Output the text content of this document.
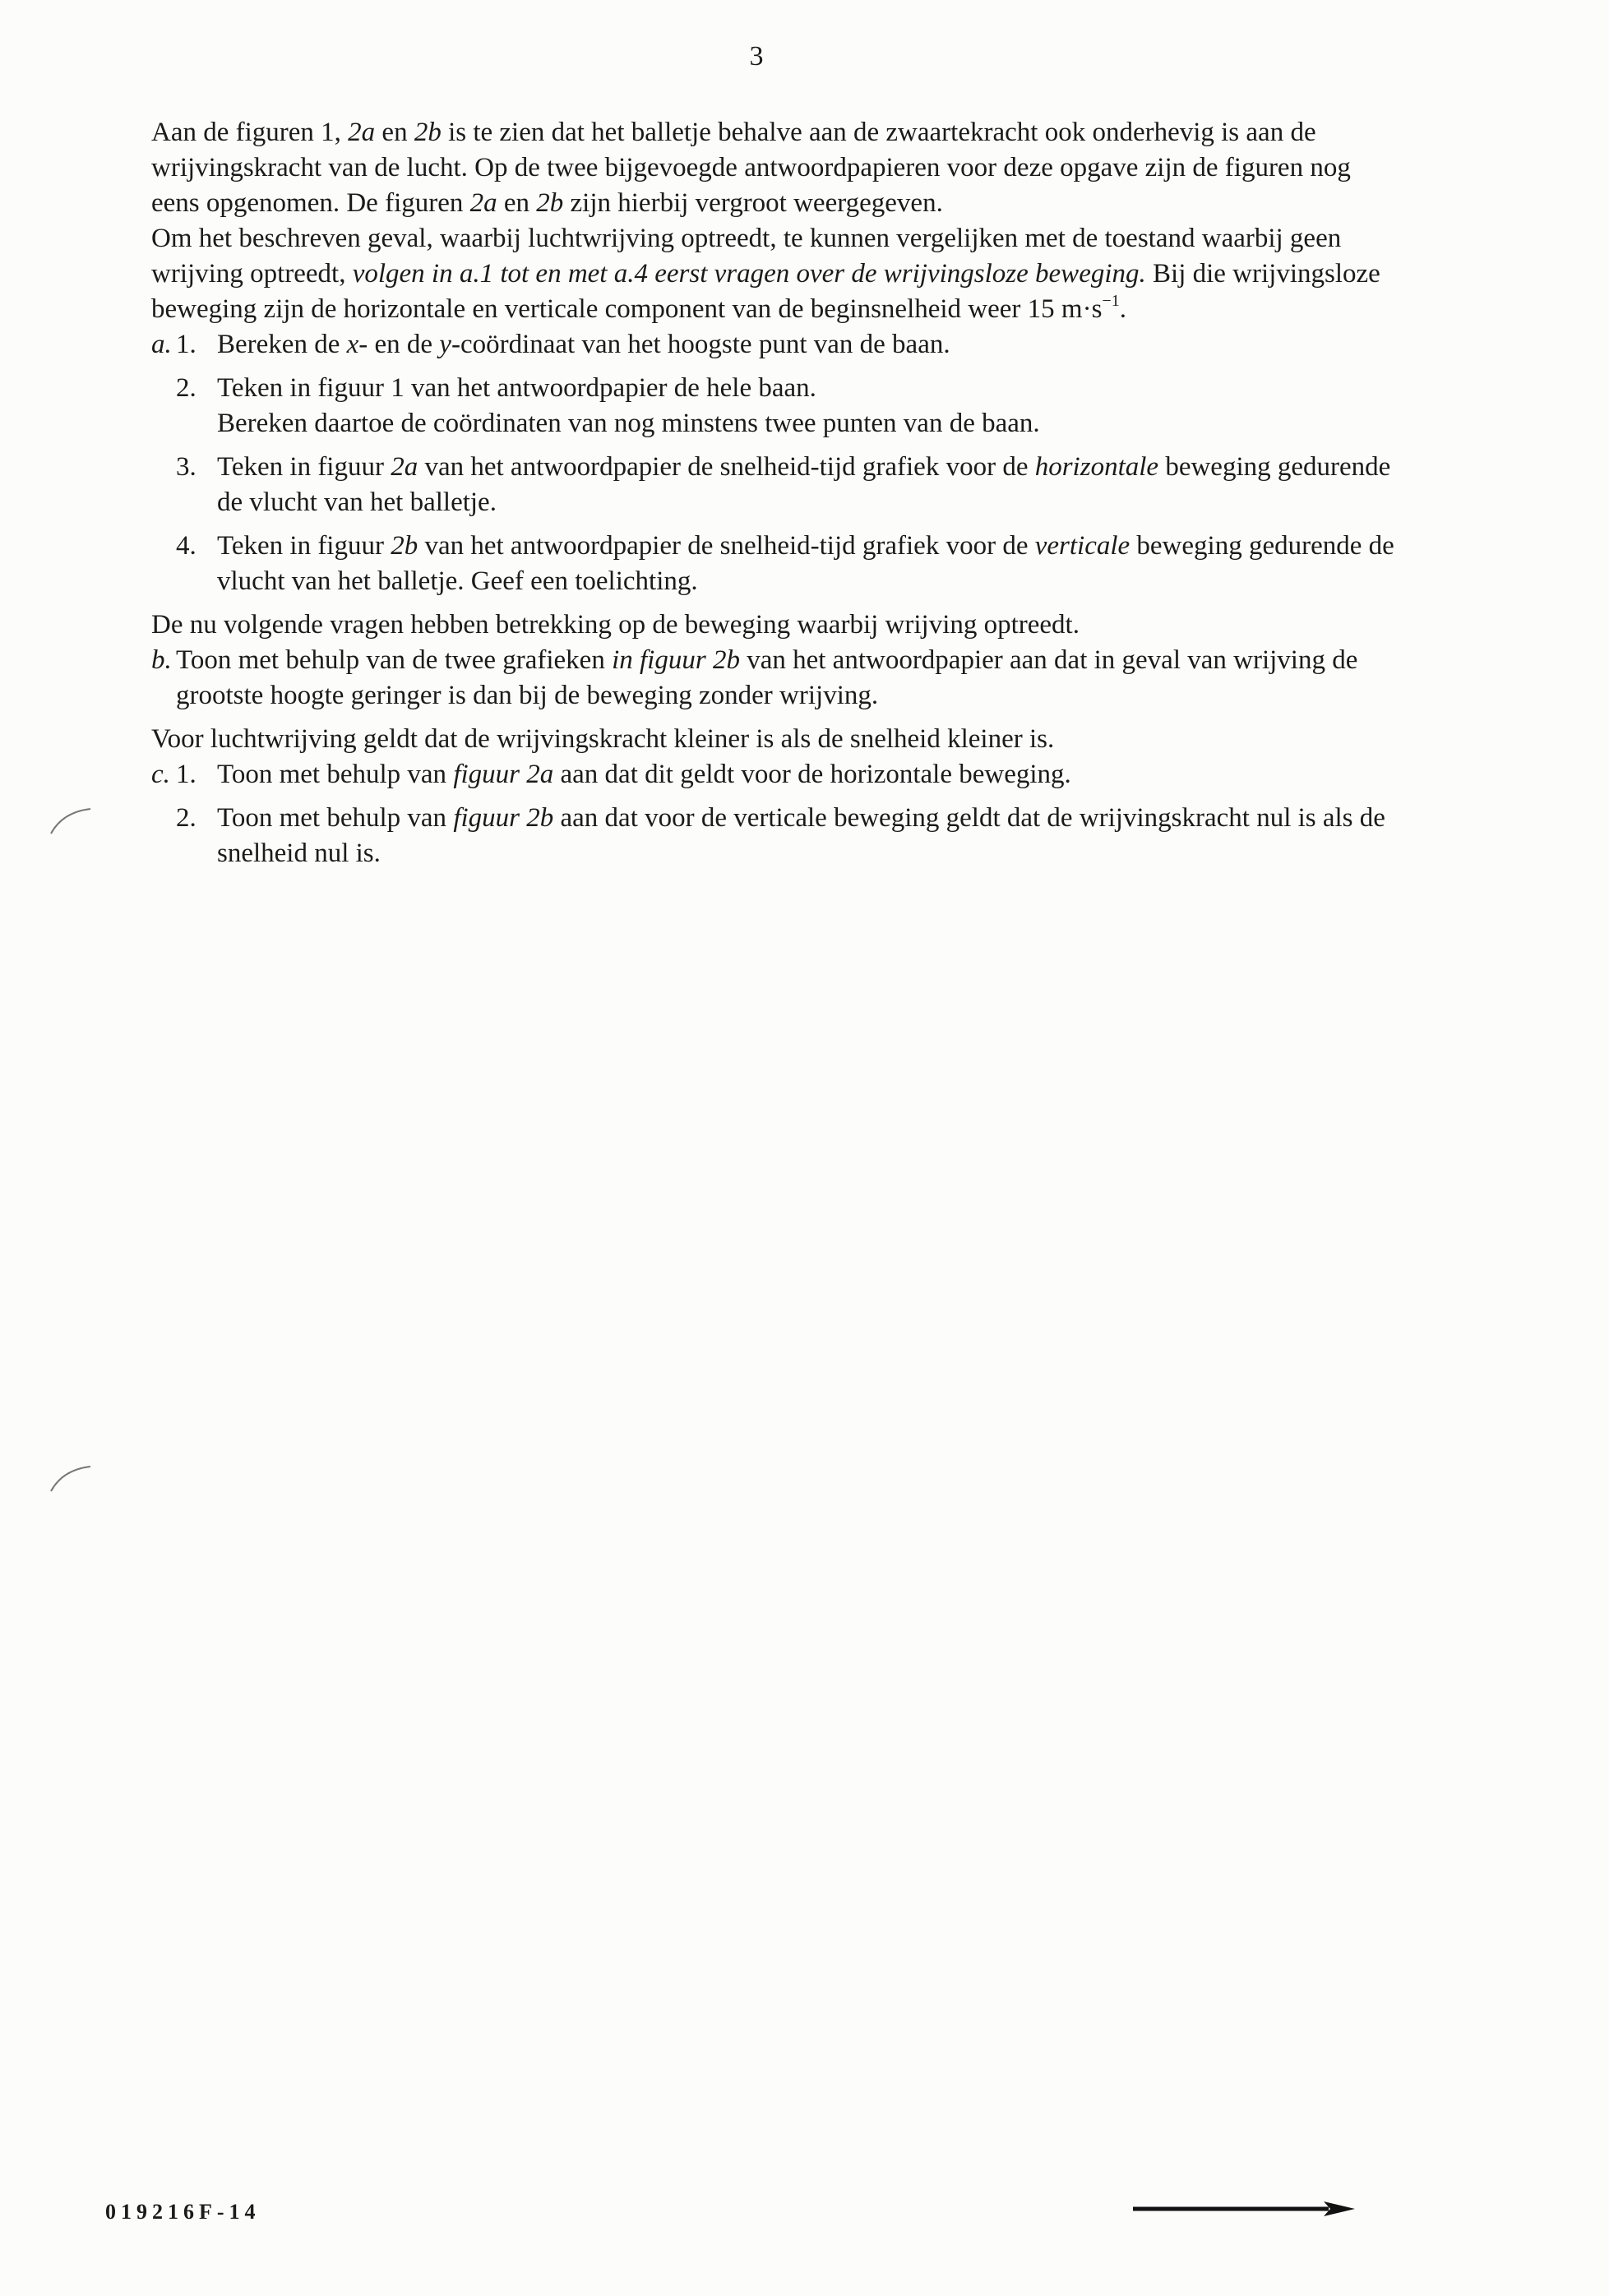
3

Aan de figuren 1, 2a en 2b is te zien dat het balletje behalve aan de zwaartekracht ook onderhevig is aan de wrijvingskracht van de lucht. Op de twee bijgevoegde antwoordpapieren voor deze opgave zijn de figuren nog eens opgenomen. De figuren 2a en 2b zijn hierbij vergroot weergegeven.

Om het beschreven geval, waarbij luchtwrijving optreedt, te kunnen vergelijken met de toestand waarbij geen wrijving optreedt, volgen in a.1 tot en met a.4 eerst vragen over de wrijvingsloze beweging. Bij die wrijvingsloze beweging zijn de horizontale en verticale component van de beginsnelheid weer 15 $m\cdot s^{-1}$.

a. 1. Bereken de x- en de y-coördinaat van het hoogste punt van de baan.

2. Teken in figuur 1 van het antwoordpapier de hele baan.

Bereken daartoe de coördinaten van nog minstens twee punten van de baan.

3. Teken in figuur 2a van het antwoordpapier de snelheid-tijd grafiek voor de horizontale beweging gedurende de vlucht van het balletje.

4. Teken in figuur 2b van het antwoordpapier de snelheid-tijd grafiek voor de verticale beweging gedurende de vlucht van het balletje. Geef een toelichting.

De nu volgende vragen hebben betrekking op de beweging waarbij wrijving optreedt.

b. Toon met behulp van de twee grafieken in figuur 2b van het antwoordpapier aan dat in geval van wrijving de grootste hoogte geringer is dan bij de beweging zonder wrijving.

Voor luchtwrijving geldt dat de wrijvingskracht kleiner is als de snelheid kleiner is.

c. 1. Toon met behulp van figuur 2a aan dat dit geldt voor de horizontale beweging.

2. Toon met behulp van figuur 2b aan dat voor de verticale beweging geldt dat de wrijvingskracht nul is als de snelheid nul is.

019216F-14
